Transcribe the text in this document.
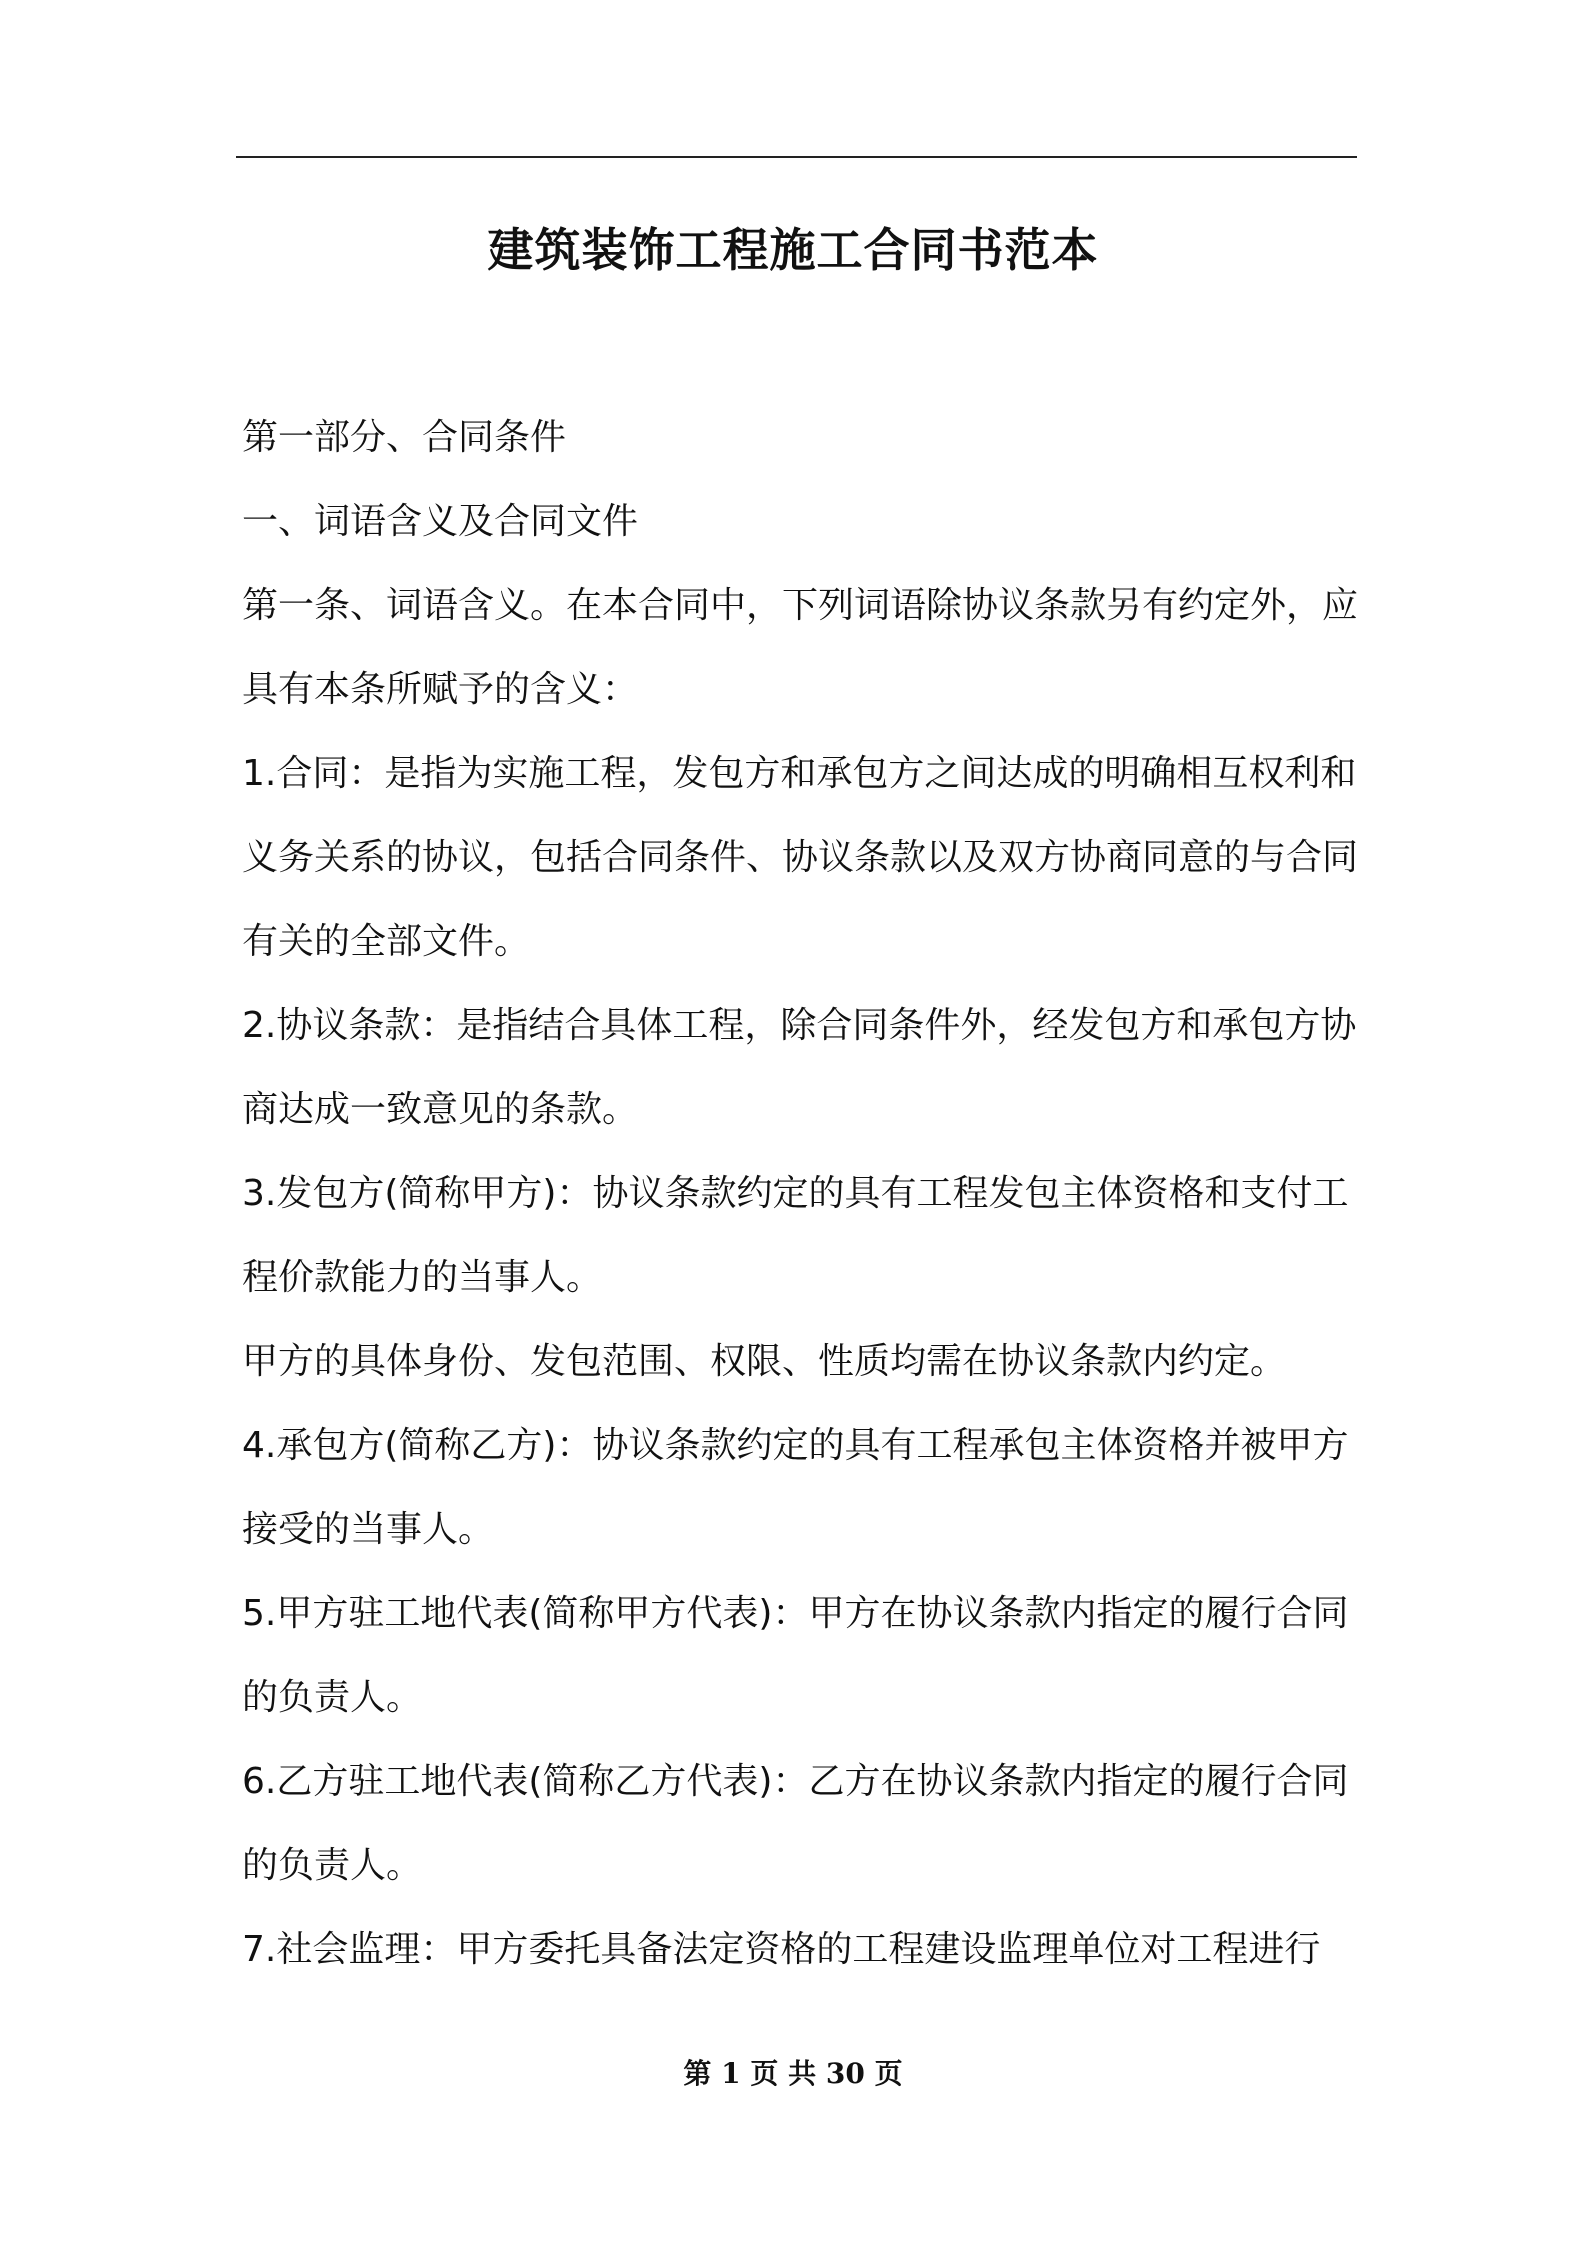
建筑装饰工程施工合同书范本

第一部分、合同条件

一、词语含义及合同文件

第一条、词语含义。在本合同中，下列词语除协议条款另有约定外，应具有本条所赋予的含义：

1.合同：是指为实施工程，发包方和承包方之间达成的明确相互权利和义务关系的协议，包括合同条件、协议条款以及双方协商同意的与合同有关的全部文件。

2.协议条款：是指结合具体工程，除合同条件外，经发包方和承包方协商达成一致意见的条款。

3.发包方(简称甲方)：协议条款约定的具有工程发包主体资格和支付工程价款能力的当事人。

甲方的具体身份、发包范围、权限、性质均需在协议条款内约定。

4.承包方(简称乙方)：协议条款约定的具有工程承包主体资格并被甲方接受的当事人。

5.甲方驻工地代表(简称甲方代表)：甲方在协议条款内指定的履行合同的负责人。

6.乙方驻工地代表(简称乙方代表)：乙方在协议条款内指定的履行合同的负责人。

7.社会监理：甲方委托具备法定资格的工程建设监理单位对工程进行

第 1 页 共 30 页
